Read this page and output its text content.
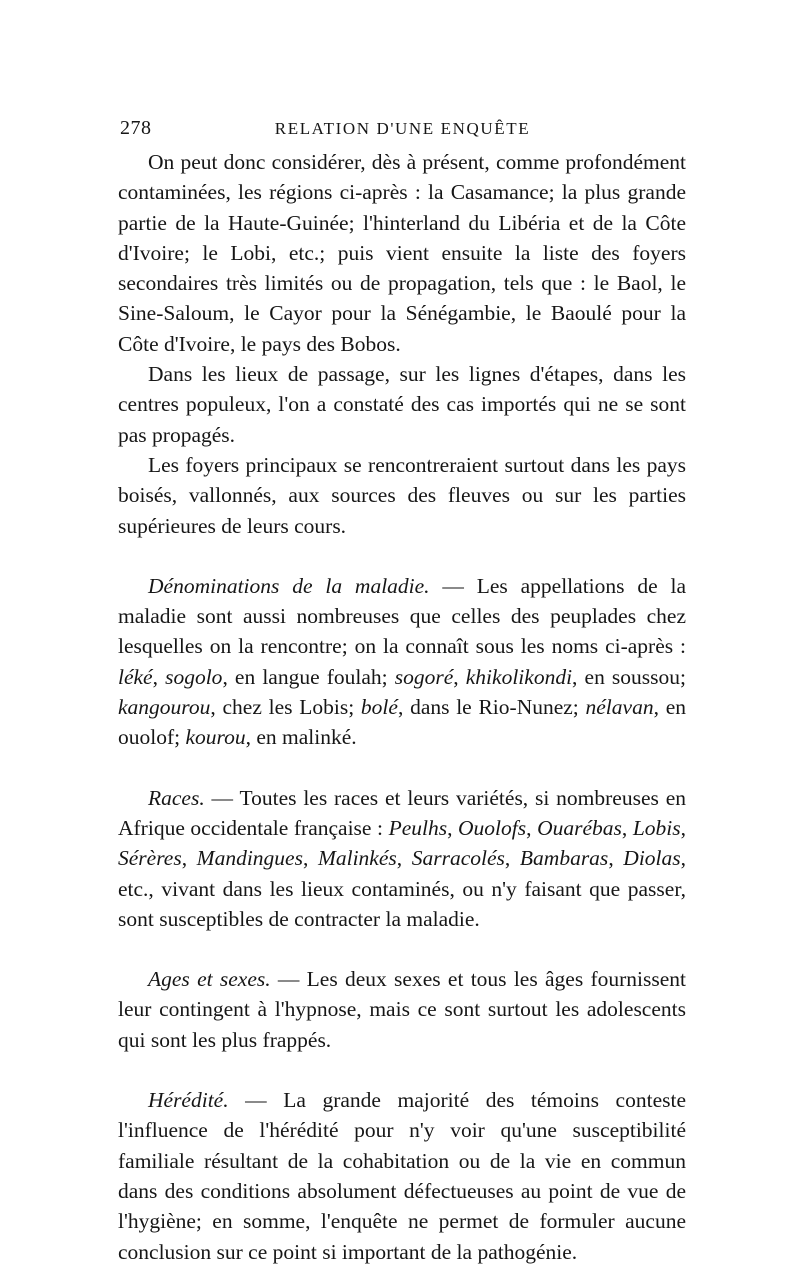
278	RELATION D'UNE ENQUÊTE

On peut donc considérer, dès à présent, comme profondément contaminées, les régions ci-après : la Casamance; la plus grande partie de la Haute-Guinée; l'hinterland du Libéria et de la Côte d'Ivoire; le Lobi, etc.; puis vient ensuite la liste des foyers secondaires très limités ou de propagation, tels que : le Baol, le Sine-Saloum, le Cayor pour la Sénégambie, le Baoulé pour la Côte d'Ivoire, le pays des Bobos.

Dans les lieux de passage, sur les lignes d'étapes, dans les centres populeux, l'on a constaté des cas importés qui ne se sont pas propagés.

Les foyers principaux se rencontreraient surtout dans les pays boisés, vallonnés, aux sources des fleuves ou sur les parties supérieures de leurs cours.

Dénominations de la maladie. — Les appellations de la maladie sont aussi nombreuses que celles des peuplades chez lesquelles on la rencontre; on la connaît sous les noms ci-après : léké, sogolo, en langue foulah; sogoré, khikolikondi, en soussou; kangourou, chez les Lobis; bolé, dans le Rio-Nunez; nélavan, en ouolof; kourou, en malinké.

Races. — Toutes les races et leurs variétés, si nombreuses en Afrique occidentale française : Peulhs, Ouolofs, Ouarébas, Lobis, Sérères, Mandingues, Malinkés, Sarracolés, Bambaras, Diolas, etc., vivant dans les lieux contaminés, ou n'y faisant que passer, sont susceptibles de contracter la maladie.

Ages et sexes. — Les deux sexes et tous les âges fournissent leur contingent à l'hypnose, mais ce sont surtout les adolescents qui sont les plus frappés.

Hérédité. — La grande majorité des témoins conteste l'influence de l'hérédité pour n'y voir qu'une susceptibilité familiale résultant de la cohabitation ou de la vie en commun dans des conditions absolument défectueuses au point de vue de l'hygiène; en somme, l'enquête ne permet de formuler aucune conclusion sur ce point si important de la pathogénie.
